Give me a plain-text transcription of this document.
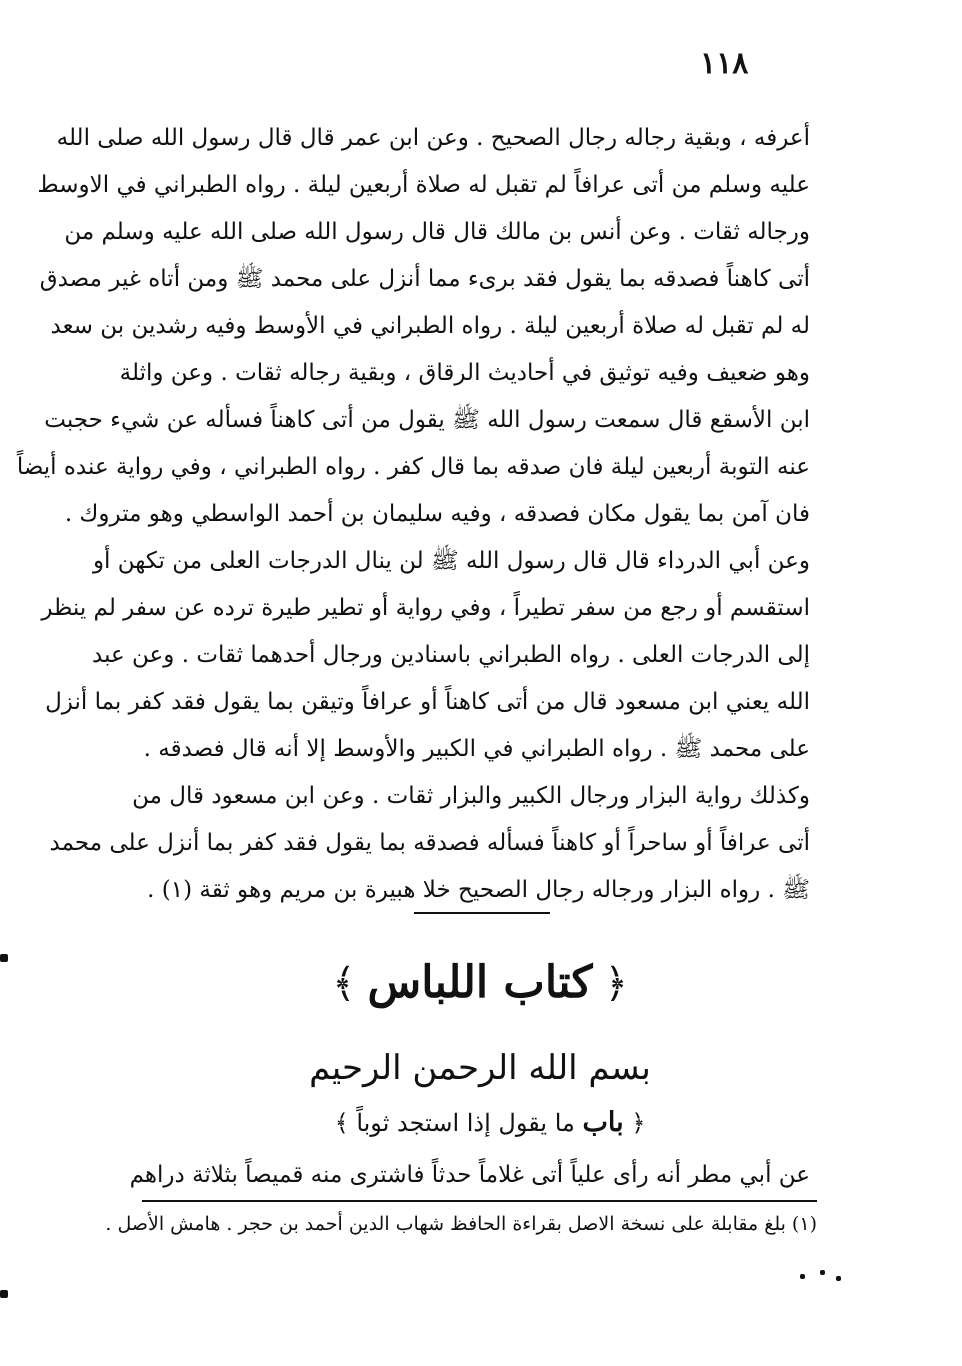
١١٨
أعرفه ، وبقية رجاله رجال الصحيح . وعن ابن عمر قال قال رسول الله صلى الله
عليه وسلم من أتى عرافاً لم تقبل له صلاة أربعين ليلة . رواه الطبراني في الاوسط
ورجاله ثقات . وعن أنس بن مالك قال قال رسول الله صلى الله عليه وسلم من
أتى كاهناً فصدقه بما يقول فقد برىء مما أنزل على محمد ﷺ ومن أتاه غير مصدق
له لم تقبل له صلاة أربعين ليلة . رواه الطبراني في الأوسط وفيه رشدين بن سعد
وهو ضعيف وفيه توثيق في أحاديث الرقاق ، وبقية رجاله ثقات . وعن واثلة
ابن الأسقع قال سمعت رسول الله ﷺ يقول من أتى كاهناً فسأله عن شيء حجبت
عنه التوبة أربعين ليلة فان صدقه بما قال كفر . رواه الطبراني ، وفي رواية عنده أيضاً
فان آمن بما يقول مكان فصدقه ، وفيه سليمان بن أحمد الواسطي وهو متروك .
وعن أبي الدرداء قال قال رسول الله ﷺ لن ينال الدرجات العلى من تكهن أو
استقسم أو رجع من سفر تطيراً ، وفي رواية أو تطير طيرة ترده عن سفر لم ينظر
إلى الدرجات العلى . رواه الطبراني باسنادين ورجال أحدهما ثقات . وعن عبد
الله يعني ابن مسعود قال من أتى كاهناً أو عرافاً وتيقن بما يقول فقد كفر بما أنزل
على محمد ﷺ . رواه الطبراني في الكبير والأوسط إلا أنه قال فصدقه .
وكذلك رواية البزار ورجال الكبير والبزار ثقات . وعن ابن مسعود قال من
أتى عرافاً أو ساحراً أو كاهناً فسأله فصدقه بما يقول فقد كفر بما أنزل على محمد
ﷺ . رواه البزار ورجاله رجال الصحيح خلا هبيرة بن مريم وهو ثقة (١) .
﴿كتاب اللباس﴾
بسم الله الرحمن الرحيم
﴿ باب ما يقول إذا استجد ثوباً ﴾
عن أبي مطر أنه رأى علياً أتى غلاماً حدثاً فاشترى منه قميصاً بثلاثة دراهم
(١) بلغ مقابلة على نسخة الاصل بقراءة الحافظ شهاب الدين أحمد بن حجر . هامش الأصل .
